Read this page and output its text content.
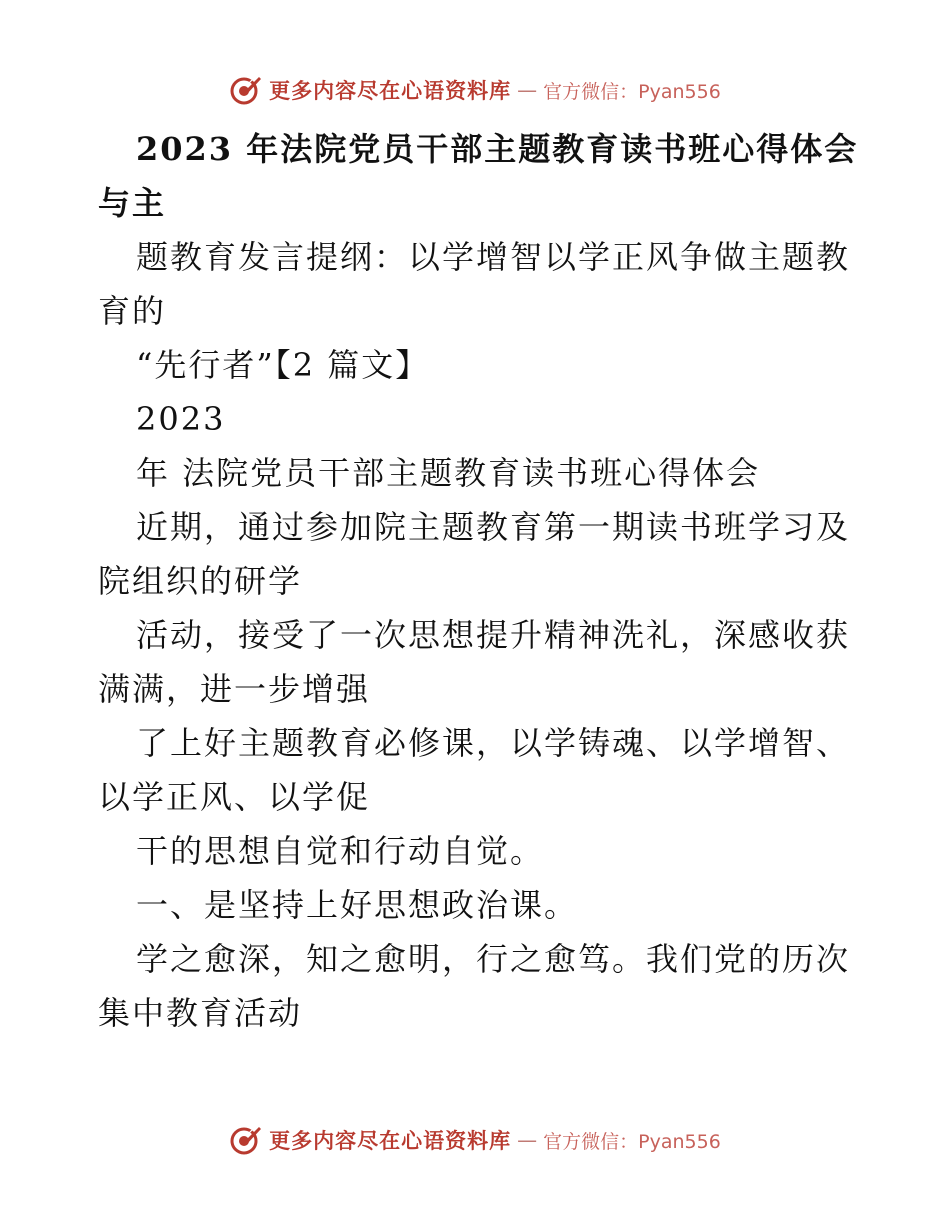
更多内容尽在心语资料库 — 官方微信：Pyan556
2023 年法院党员干部主题教育读书班心得体会
与主
题教育发言提纲：以学增智以学正风争做主题教
育的
“先行者”【2 篇文】
2023
年 法院党员干部主题教育读书班心得体会
近期，通过参加院主题教育第一期读书班学习及
院组织的研学
活动，接受了一次思想提升精神洗礼，深感收获
满满，进一步增强
了上好主题教育必修课，以学铸魂、以学增智、
以学正风、以学促
干的思想自觉和行动自觉。
一、是坚持上好思想政治课。
学之愈深，知之愈明，行之愈笃。我们党的历次
集中教育活动
更多内容尽在心语资料库 — 官方微信：Pyan556
